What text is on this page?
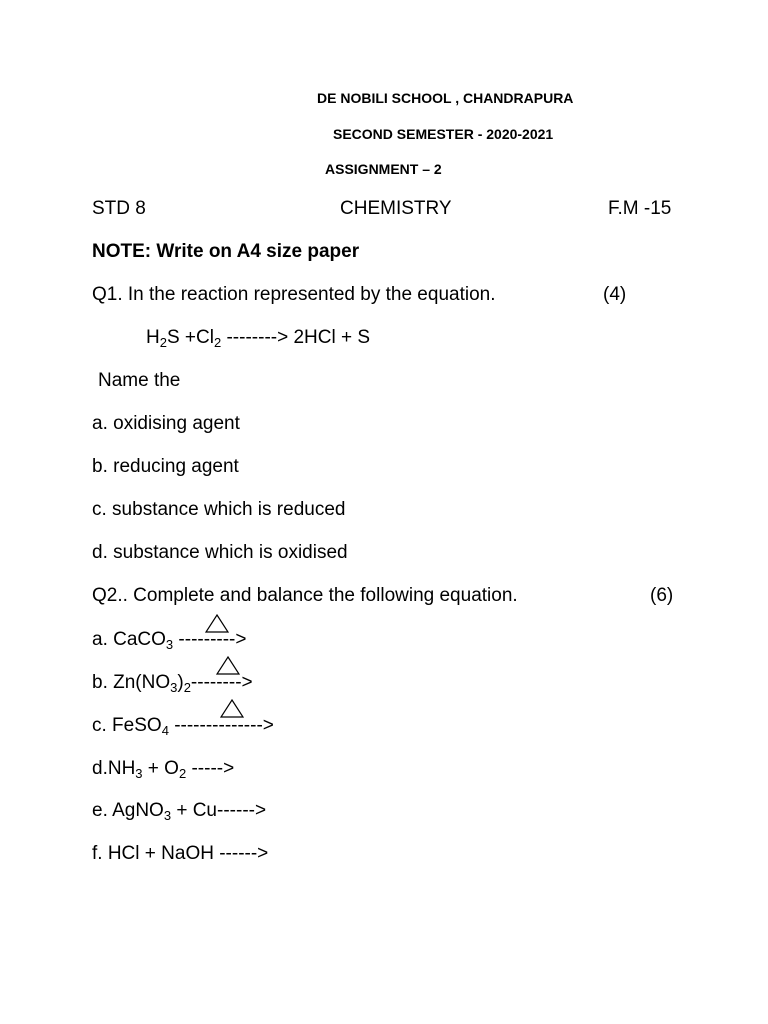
DE NOBILI SCHOOL , CHANDRAPURA
SECOND SEMESTER - 2020-2021
ASSIGNMENT – 2
STD 8	CHEMISTRY	F.M -15
NOTE: Write on A4 size paper
Q1. In the reaction represented by the equation.	(4)
$H_2S +Cl_2$ --------> 2HCl + S
Name the
a. oxidising agent
b. reducing agent
c. substance which is reduced
d. substance which is oxidised
Q2.. Complete and balance the following equation.	(6)
a. CaCO$_3$ --------->
b. $Zn(NO_3)_2-------->$
c. FeSO$_4$ -------------->
$d.NH_3 + O_2$ ----->
e. AgNO$_3$ + Cu------>
f. HCl + NaOH ------>
